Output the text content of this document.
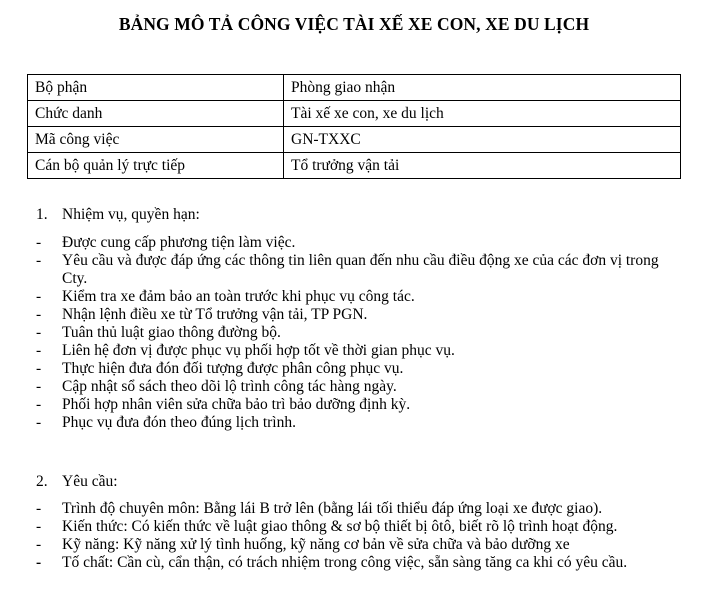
BẢNG MÔ TẢ CÔNG VIỆC TÀI XẾ XE CON, XE DU LỊCH
Bộ phận	Phòng giao nhận
Chức danh	Tài xế xe con, xe du lịch
Mã công việc	GN-TXXC
Cán bộ quản lý trực tiếp	Tổ trưởng vận tải
1. Nhiệm vụ, quyền hạn:
- Được cung cấp phương tiện làm việc.
- Yêu cầu và được đáp ứng các thông tin liên quan đến nhu cầu điều động xe của các đơn vị trong Cty.
- Kiểm tra xe đảm bảo an toàn trước khi phục vụ công tác.
- Nhận lệnh điều xe từ Tổ trưởng vận tải, TP PGN.
- Tuân thủ luật giao thông đường bộ.
- Liên hệ đơn vị được phục vụ phối hợp tốt về thời gian phục vụ.
- Thực hiện đưa đón đối tượng được phân công phục vụ.
- Cập nhật sổ sách theo dõi lộ trình công tác hàng ngày.
- Phối hợp nhân viên sửa chữa bảo trì bảo dưỡng định kỳ.
- Phục vụ đưa đón theo đúng lịch trình.
2. Yêu cầu:
- Trình độ chuyên môn: Bằng lái B trở lên (bằng lái tối thiểu đáp ứng loại xe được giao).
- Kiến thức: Có kiến thức về luật giao thông & sơ bộ thiết bị ôtô, biết rõ lộ trình hoạt động.
- Kỹ năng: Kỹ năng xử lý tình huống, kỹ năng cơ bản về sửa chữa và bảo dưỡng xe
- Tố chất: Cần cù, cẩn thận, có trách nhiệm trong công việc, sẵn sàng tăng ca khi có yêu cầu.
